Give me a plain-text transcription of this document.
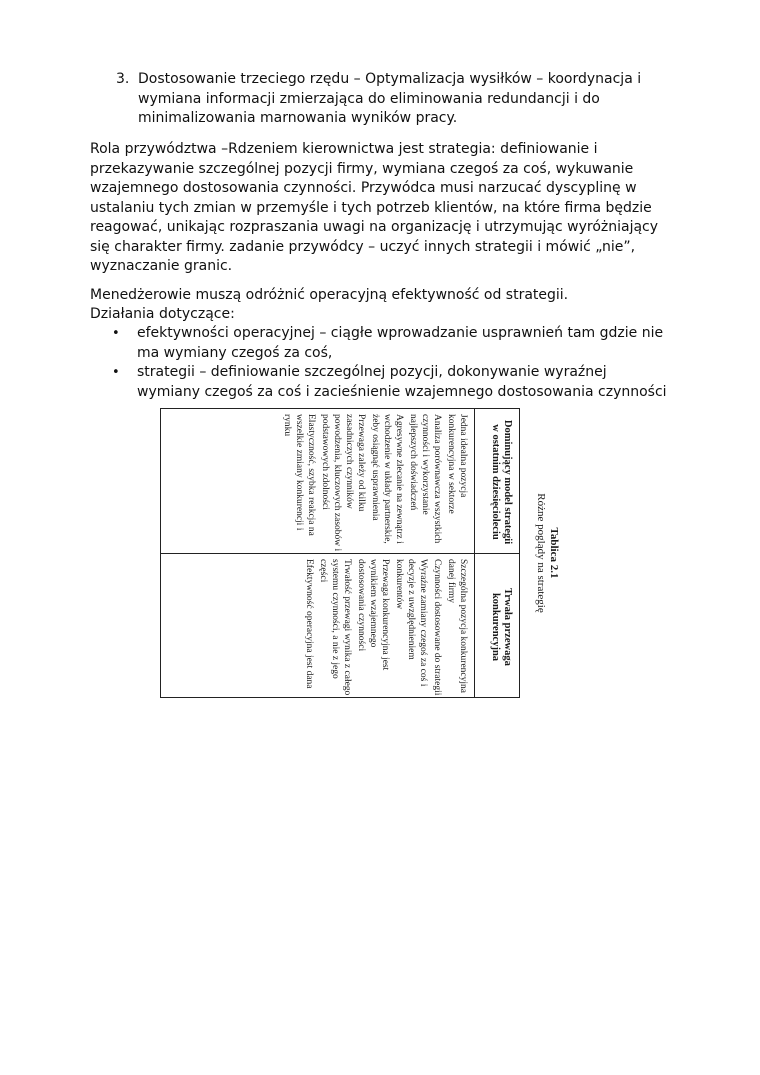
3. Dostosowanie trzeciego rzędu – Optymalizacja wysiłków – koordynacja i
wymiana informacji zmierzająca do eliminowania redundancji i do
minimalizowania marnowania wyników pracy.
Rola przywództwa –Rdzeniem kierownictwa jest strategia: definiowanie i
przekazywanie szczególnej pozycji firmy, wymiana czegoś za coś, wykuwanie
wzajemnego dostosowania czynności. Przywódca musi narzucać dyscyplinę w
ustalaniu tych zmian w przemyśle i tych potrzeb klientów, na które firma będzie
reagować, unikając rozpraszania uwagi na organizację i utrzymując wyróżniający
się charakter firmy. zadanie przywódcy – uczyć innych strategii i mówić „nie”,
wyznaczanie granic.
Menedżerowie muszą odróżnić operacyjną efektywność od strategii.
Działania dotyczące:
• efektywności operacyjnej – ciągłe wprowadzanie usprawnień tam gdzie nie
ma wymiany czegoś za coś,
• strategii – definiowanie szczególnej pozycji, dokonywanie wyraźnej
wymiany czegoś za coś i zacieśnienie wzajemnego dostosowania czynności
Tablica 2.1
Różne poglądy na strategię
Dominujący model strategii
w ostatnim dziesięcioleciu
Trwała przewaga konkurencyjna

Jedna idealna pozycja konkurencyjna w sektorze

Analiza porównawcza wszystkich czynności i wykorzystanie najlepszych doświadczeń

Agresywne zlecanie na zewnątrz i wchodzenie w układy partnerskie, żeby osiągnąć usprawnienia

Przewaga zależy od kilku zasadniczych czynników powodzenia, kluczowych zasobów i podstawowych zdolności

Elastyczność, szybka reakcja na wszelkie zmiany konkurencji i rynku

Szczególna pozycja konkurencyjna danej firmy

Czynności dostosowane do strategii

Wyraźne zamiany czegoś za coś i decyzje z uwzględnieniem konkurentów

Przewaga konkurencyjna jest wynikiem wzajemnego dostosowania czynności

Trwałość przewagi wynika z całego systemu czynności, a nie z jego części

Efektywność operacyjna jest dana
